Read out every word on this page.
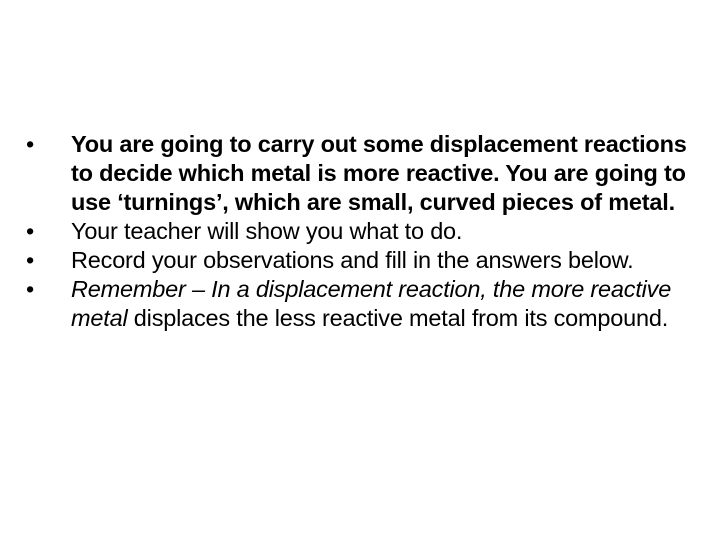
•	You are going to carry out some displacement reactions to decide which metal is more reactive. You are going to use ‘turnings’, which are small, curved pieces of metal.
•	Your teacher will show you what to do.
•	Record your observations and fill in the answers below.
•	Remember – In a displacement reaction, the more reactive metal displaces the less reactive metal from its compound.
